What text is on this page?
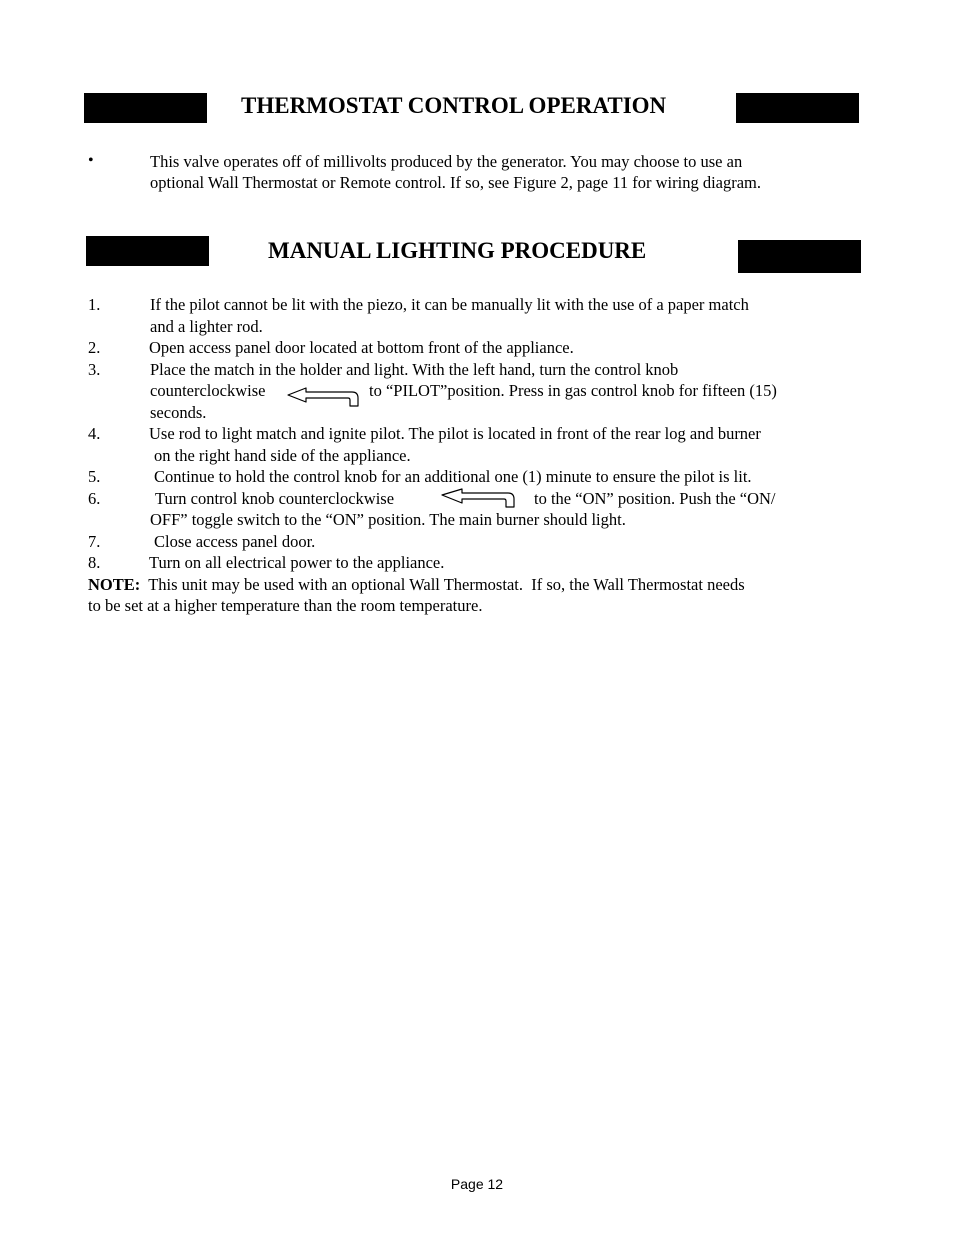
THERMOSTAT CONTROL OPERATION
•	This valve operates off of millivolts produced by the generator. You may choose to use an
optional Wall Thermostat or Remote control. If so, see Figure 2, page 11 for wiring diagram.
MANUAL LIGHTING PROCEDURE
1.	If the pilot cannot be lit with the piezo, it can be manually lit with the use of a paper match
and a lighter rod.
2.	Open access panel door located at bottom front of the appliance.
3.	Place the match in the holder and light. With the left hand, turn the control knob
counterclockwise	to “PILOT”position. Press in gas control knob for fifteen (15)
seconds.
4.	Use rod to light match and ignite pilot. The pilot is located in front of the rear log and burner
on the right hand side of the appliance.
5.	Continue to hold the control knob for an additional one (1) minute to ensure the pilot is lit.
6.	Turn control knob counterclockwise	to the “ON” position. Push the “ON/
OFF” toggle switch to the “ON” position. The main burner should light.
7.	Close access panel door.
8.	Turn on all electrical power to the appliance.
NOTE:  This unit may be used with an optional Wall Thermostat.  If so, the Wall Thermostat needs
to be set at a higher temperature than the room temperature.
Page 12
